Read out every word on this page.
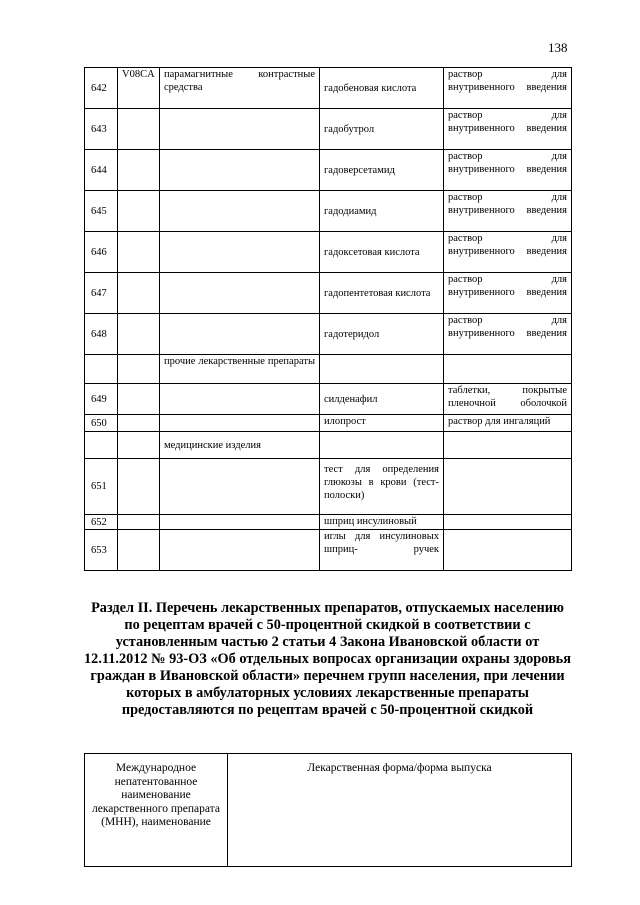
138
642	V08CA	парамагнитные контрастные средства	гадобеновая кислота	раствор для внутривенного введения
643			гадобутрол	раствор для внутривенного введения
644			гадоверсетамид	раствор для внутривенного введения
645			гадодиамид	раствор для внутривенного введения
646			гадоксетовая кислота	раствор для внутривенного введения
647			гадопентетовая кислота	раствор для внутривенного введения
648			гадотеридол	раствор для внутривенного введения
		прочие лекарственные препараты		
649			силденафил	таблетки, покрытые пленочной оболочкой
650			илопрост	раствор для ингаляций
		медицинские изделия		
651			тест для определения глюкозы в крови (тест-полоски)	
652			шприц инсулиновый	
653			иглы для инсулиновых шприц- ручек	

Раздел II. Перечень лекарственных препаратов, отпускаемых населению по рецептам врачей с 50-процентной скидкой в соответствии с установленным частью 2 статьи 4 Закона Ивановской области от 12.11.2012 № 93-ОЗ «Об отдельных вопросах организации охраны здоровья граждан в Ивановской области» перечнем групп населения, при лечении которых в амбулаторных условиях лекарственные препараты предоставляются по рецептам врачей с 50-процентной скидкой

Международное непатентованное наименование лекарственного препарата (МНН), наименование	Лекарственная форма/форма выпуска
